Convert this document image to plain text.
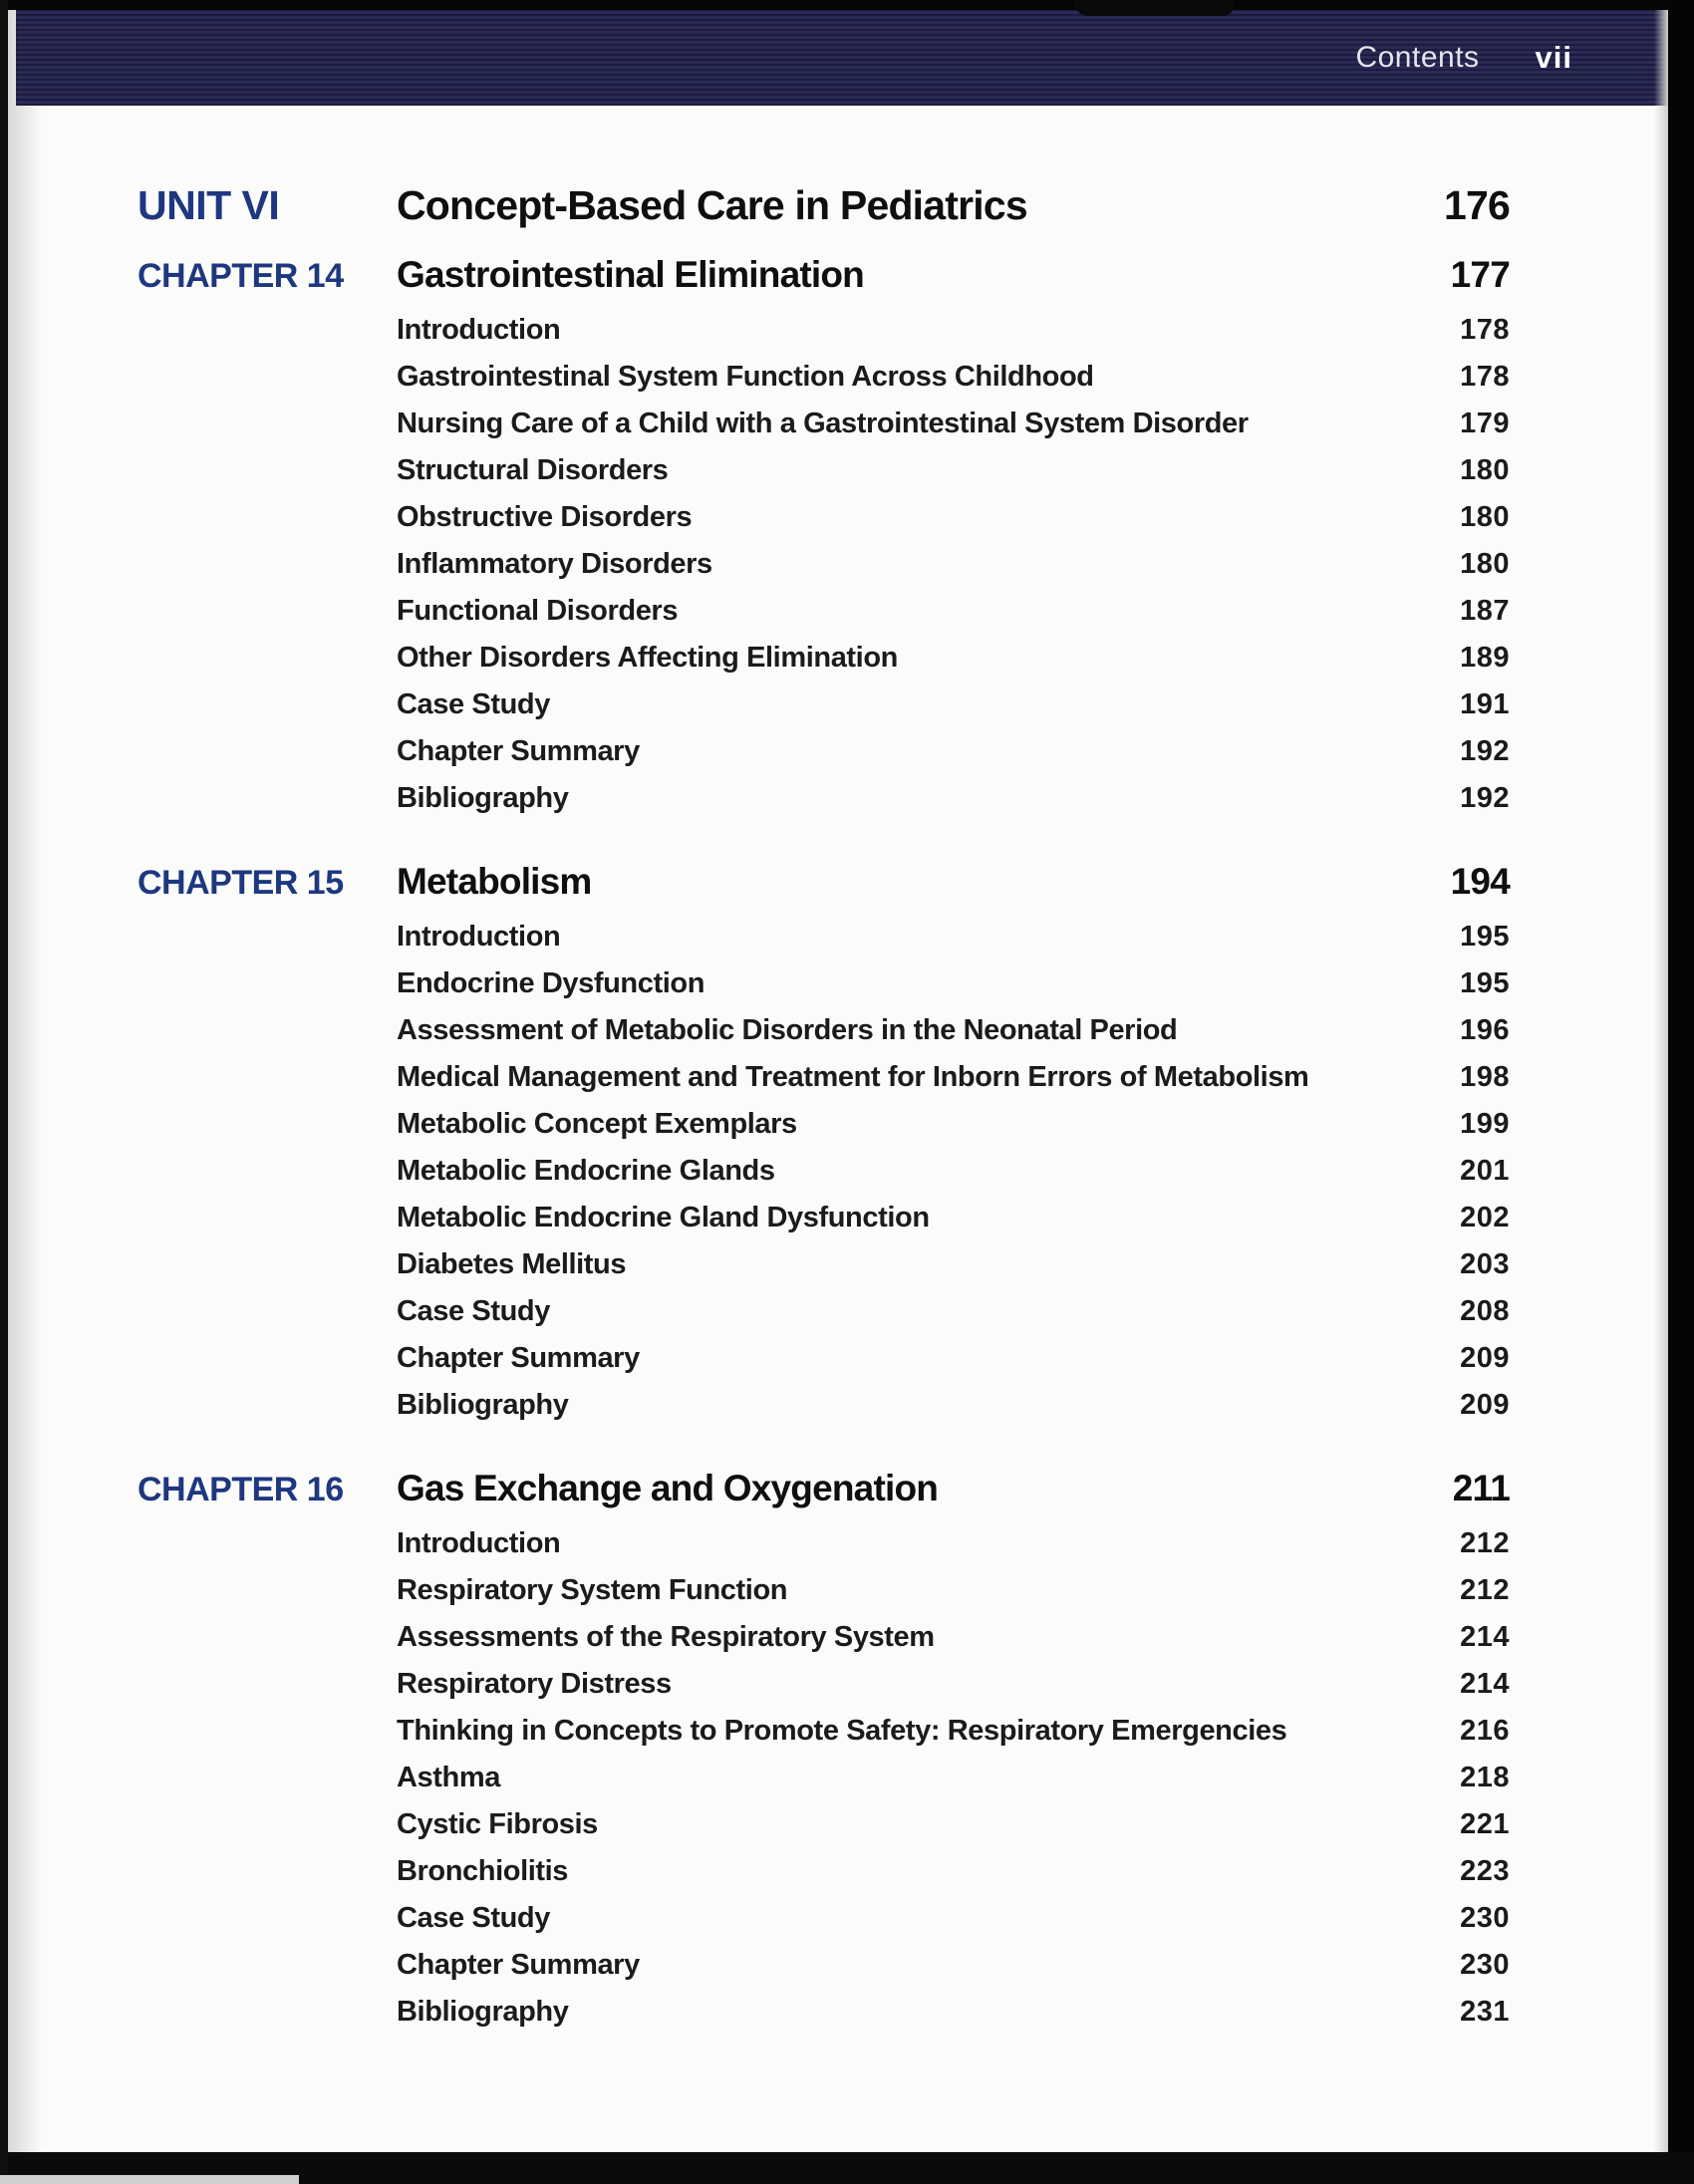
Contents vii
UNIT VI	Concept-Based Care in Pediatrics	176
CHAPTER 14	Gastrointestinal Elimination	177
Introduction	178
Gastrointestinal System Function Across Childhood	178
Nursing Care of a Child with a Gastrointestinal System Disorder	179
Structural Disorders	180
Obstructive Disorders	180
Inflammatory Disorders	180
Functional Disorders	187
Other Disorders Affecting Elimination	189
Case Study	191
Chapter Summary	192
Bibliography	192
CHAPTER 15	Metabolism	194
Introduction	195
Endocrine Dysfunction	195
Assessment of Metabolic Disorders in the Neonatal Period	196
Medical Management and Treatment for Inborn Errors of Metabolism	198
Metabolic Concept Exemplars	199
Metabolic Endocrine Glands	201
Metabolic Endocrine Gland Dysfunction	202
Diabetes Mellitus	203
Case Study	208
Chapter Summary	209
Bibliography	209
CHAPTER 16	Gas Exchange and Oxygenation	211
Introduction	212
Respiratory System Function	212
Assessments of the Respiratory System	214
Respiratory Distress	214
Thinking in Concepts to Promote Safety: Respiratory Emergencies	216
Asthma	218
Cystic Fibrosis	221
Bronchiolitis	223
Case Study	230
Chapter Summary	230
Bibliography	231
